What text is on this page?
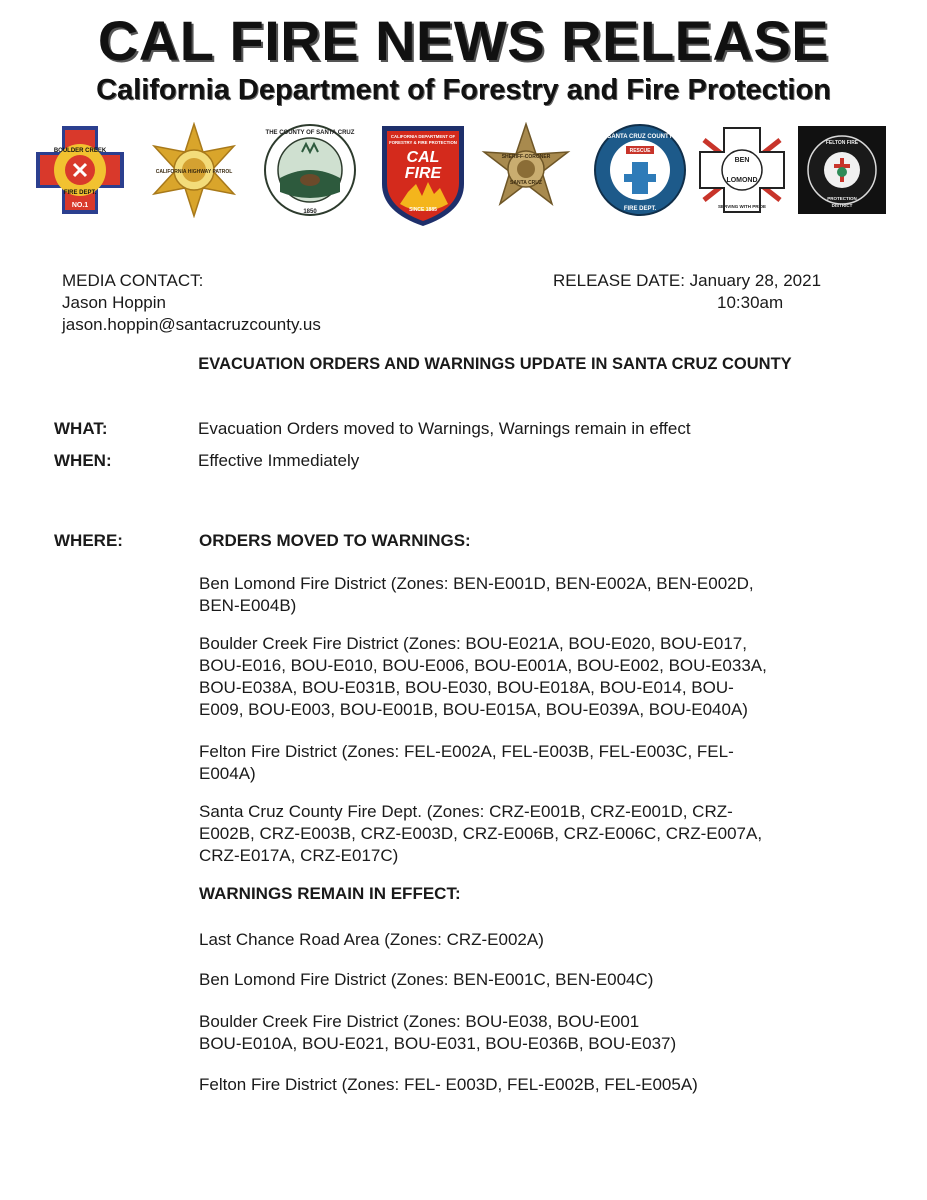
CAL FIRE NEWS RELEASE
California Department of Forestry and Fire Protection
BOULDER CREEK
FIRE DEPT.
NO.1
CALIFORNIA HIGHWAY PATROL
THE COUNTY OF SANTA CRUZ
1850
CALIFORNIA DEPARTMENT OF
FORESTRY & FIRE PROTECTION
CAL
FIRE
SINCE 1885
SHERIFF-CORONER
SANTA CRUZ
SANTA CRUZ COUNTY
RESCUE
FIRE DEPT.
BEN
LOMOND
SERVING WITH PRIDE
FELTON FIRE
PROTECTION
DISTRICT
MEDIA CONTACT:
Jason Hoppin
jason.hoppin@santacruzcounty.us
RELEASE DATE: January 28, 2021
10:30am
EVACUATION ORDERS AND WARNINGS UPDATE IN SANTA CRUZ COUNTY
WHAT:	Evacuation Orders moved to Warnings, Warnings remain in effect
WHEN:	Effective Immediately
WHERE:	ORDERS MOVED TO WARNINGS:
Ben Lomond Fire District (Zones: BEN-E001D, BEN-E002A, BEN-E002D,
BEN-E004B)
Boulder Creek Fire District (Zones: BOU-E021A, BOU-E020, BOU-E017,
BOU-E016, BOU-E010, BOU-E006, BOU-E001A, BOU-E002, BOU-E033A,
BOU-E038A, BOU-E031B, BOU-E030, BOU-E018A, BOU-E014, BOU-
E009, BOU-E003, BOU-E001B, BOU-E015A, BOU-E039A, BOU-E040A)
Felton Fire District (Zones: FEL-E002A, FEL-E003B, FEL-E003C, FEL-
E004A)
Santa Cruz County Fire Dept. (Zones: CRZ-E001B, CRZ-E001D, CRZ-
E002B, CRZ-E003B, CRZ-E003D, CRZ-E006B, CRZ-E006C, CRZ-E007A,
CRZ-E017A, CRZ-E017C)
WARNINGS REMAIN IN EFFECT:
Last Chance Road Area (Zones: CRZ-E002A)
Ben Lomond Fire District (Zones: BEN-E001C, BEN-E004C)
Boulder Creek Fire District (Zones: BOU-E038, BOU-E001
BOU-E010A, BOU-E021, BOU-E031, BOU-E036B, BOU-E037)
Felton Fire District (Zones: FEL- E003D, FEL-E002B, FEL-E005A)
